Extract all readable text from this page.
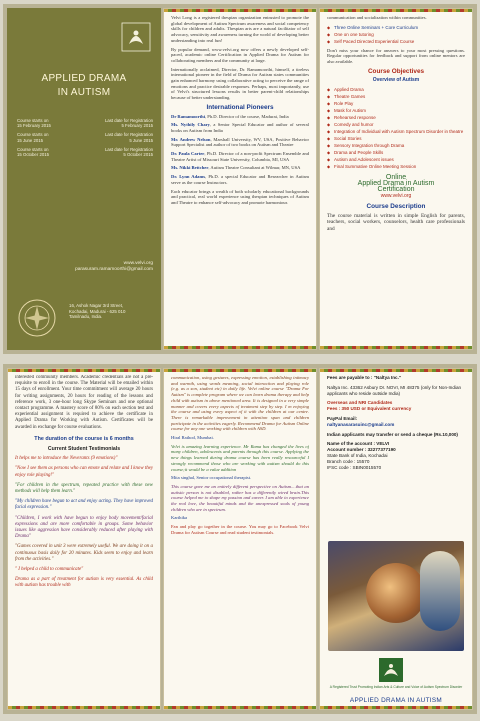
APPLIED DRAMA
IN AUTISM
Course starts on
15 February 2015
Last date for Registration
5 February 2015
Course starts on
15 June 2015
Last date for Registration
5 June 2015
Course starts on
15 October 2015
Last date for Registration
5 October 2015
www.velvi.org
parasuram.ramamoorthi@gmail.com
16, Ashok Nagar 3rd Street,
Kochadai, Madurai - 625 010
Tamilnadu, India.

Velvi Long is a registered thespian organization entrusted to promote the global development of Autism Spectrum awareness and social competency skills for children and adults. Thespian arts are a natural facilitator of self advocacy, sensitivity and awareness turning the world of developing better understanding into real fun!

By popular demand, www.velvi.org now offers a newly developed self-paced, academic online Certification in Applied Drama for Autism for collaborating members and the community at large.

Internationally acclaimed, Director, Dr. Ramamoorthi, himself, a tireless international pioneer in the field of Drama for Autism states communities gain enhanced harmony using collaborative acting to perceive the range of emotions and practice desirable responses. Perhaps, most importantly, use of Velvi's structured lessons results in better parent-child relationships because of better understanding.

International Pioneers

Dr Ramamoorthi, Ph.D. Director of the course, Madurai, India

Ms. Nythily Chary, a Senior Special Educator and author of several books on Autism from India

Mr. Andrew Nelson, Marshall University, WV, USA, Positive Behavior Support Specialist and author of two books on Autism and Theatre

Dr. Paula Carter, Ph.D. Director of a non-profit Spectrum Ensemble and Theatre Artist of Missouri State University, Columbia, MI, USA

Ms. Nikki Bettcher, Autism Theatre Consultant at Wilmar, MN, USA

Dr. Lynn Adams, Ph.D. a special Educator and Researcher in Autism serve as the course Instructors.

Each educator brings a wealth of both scholarly educational backgrounds and practical, real world experience using thespian techniques of Autism and Theatre to enhance self-advocacy and promote harmonious

communication and socialization within communities.

◆ Three Online Seminars + Core Curriculum
◆ One on one tutoring
◆ Self Paced Directed Experiential Course

Don't miss your chance for answers to your most pressing questions. Regular opportunities for feedback and support from online mentors are also available.

Course Objectives
Overview of Autism
◆ Applied Drama
◆ Theatre Games
◆ Role Play
◆ Mask for Autism
◆ Rehearsed response
◆ Comedy and humor
◆ Integration of Individual with Autism Spectrum Disorder in theatre
◆ Social Stories
◆ Sensory Integration through Drama
◆ Drama and People Skills
◆ Autism and Adolescent issues
◆ Final Summative Online Meeting Session
Online
Applied Drama in Autism
Certification
www.velvi.org
Course Description

The course material is written in simple English for parents, teachers, social workers, counselors, health care professionals and

interested community members. Academic credentials are not a pre-requisite to enroll in the course. The Material will be emailed within 15 days of enrollment. Your time commitment will average 20 hours for writing assignments, 20 hours for reading of the lessons and reference work, 3 one-hour long Skype Seminars and one optional contact programme. A mastery score of 80% on each section test and experiential assignment is required to achieve the certificate in Applied Drama for Working with Autism. Certificates will be awarded in exchange for course evaluations.

The duration of the course is 6 months
Current Student Testimonials

It helps me to introduce the Neverants (9 emotions)"

"Now I see them as persons who can emote and relate and I know they enjoy role playing!"

"For children in the spectrum, repeated practice with these new methods will help them learn."

"My children have begun to act and enjoy acting. They have improved facial expression."

"Children, I work with have begun to enjoy body movement/facial expressions and are more comfortable in groups. Some behavior issues like aggression have considerably reduced after playing with Drama"

"Games covered in unit 3 were extremely useful. We are doing it on a continuous basis daily for 20 minutes. Kids seem to enjoy and learn from the activities."

" I helped a child to communicate"

Drama as a part of treatment for autism is very essential. As child with autism has trouble with

communication, using gestures, expressing emotion, establishing intimacy and warmth, using words meaning, social interaction and playing role (e.g. as a son, student etc) in daily life. Velvi online course "Drama For Autism" is complete program where we can learn drama therapy and help child with autism in above mentioned area. It is designed in a very simple manner and covers every aspects of treatment step by step. I m enjoying the course and using every aspect of it with the children at our centre. There is remarkable improvement in attention span and children participate in the activities eagerly. Recommend Drama for Autism Online course for any one working with children with ASD.

Hiral Rathod, Mumbai.

Velvi is amazing learning experience. Mr Rama has changed the lives of many children, adolescents and parents through this course. Applying the new things learned during drama course has been really resourceful I strongly recommend those who are working with autism should do this course;it would be a value addition

Mita singhal, Senior occupational therapist.

This course gave me an entirely different perspective on Autism....that an autistic person is not disabled, rather has a differently wired brain.This course helped me to shape my passion and career. I am able to experience the real love, the beautiful minds and the unexpressed souls of young children who are in spectrum.

Karthika

Fan and play go together in the course. You may go to Facebook Velvi Drama for Autism Course and read student testimonials.

Fees are payable to : "Naltya Inc."

Naltya Inc. 43362 Asbury Dr. NOVI, MI 48375 (only for Non-Indian applicants who reside outside India)

Overseas and NRI Candidates
Fees : 350 USD or Equivalent currency

PayPal Email:
naltyanasarasuinc@gmail.com

Indian applicants may transfer or send a cheque (Rs.10,000)

Name of the account : VELVI
Account number : 32277377190
State Bank of India, Kochadai
Branch code : 15570
IFSC code : SBIN0015570

A Registered Trust Promoting Indian Arts & Culture and Voice of Autism Spectrum Disorder
APPLIED DRAMA IN AUTISM
